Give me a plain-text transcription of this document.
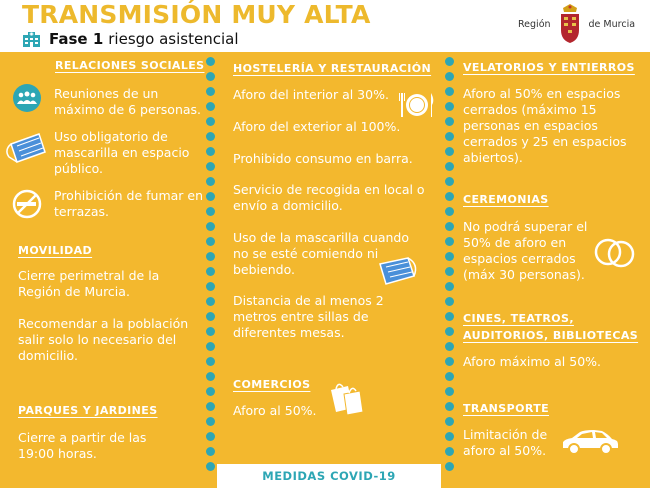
TRANSMISIÓN MUY ALTA
Fase 1 riesgo asistencial
Región	de Murcia
RELACIONES SOCIALES
Reuniones de un máximo de 6 personas.
Uso obligatorio de mascarilla en espacio público.
Prohibición de fumar en terrazas.
MOVILIDAD
Cierre perimetral de la Región de Murcia.
Recomendar a la población salir solo lo necesario del domicilio.
PARQUES Y JARDINES
Cierre a partir de las 19:00 horas.
HOSTELERÍA Y RESTAURACIÓN
Aforo del interior al 30%.
Aforo del exterior al 100%.
Prohibido consumo en barra.
Servicio de recogida en local o envío a domicilio.
Uso de la mascarilla cuando no se esté comiendo ni bebiendo.
Distancia de al menos 2 metros entre sillas de diferentes mesas.
COMERCIOS
Aforo al 50%.
VELATORIOS Y ENTIERROS
Aforo al 50% en espacios cerrados (máximo 15 personas en espacios cerrados y 25 en espacios abiertos).
CEREMONIAS
No podrá superar el 50% de aforo en espacios cerrados (máx 30 personas).
CINES, TEATROS,
AUDITORIOS, BIBLIOTECAS
Aforo máximo al 50%.
TRANSPORTE
Limitación de aforo al 50%.
MEDIDAS COVID-19
